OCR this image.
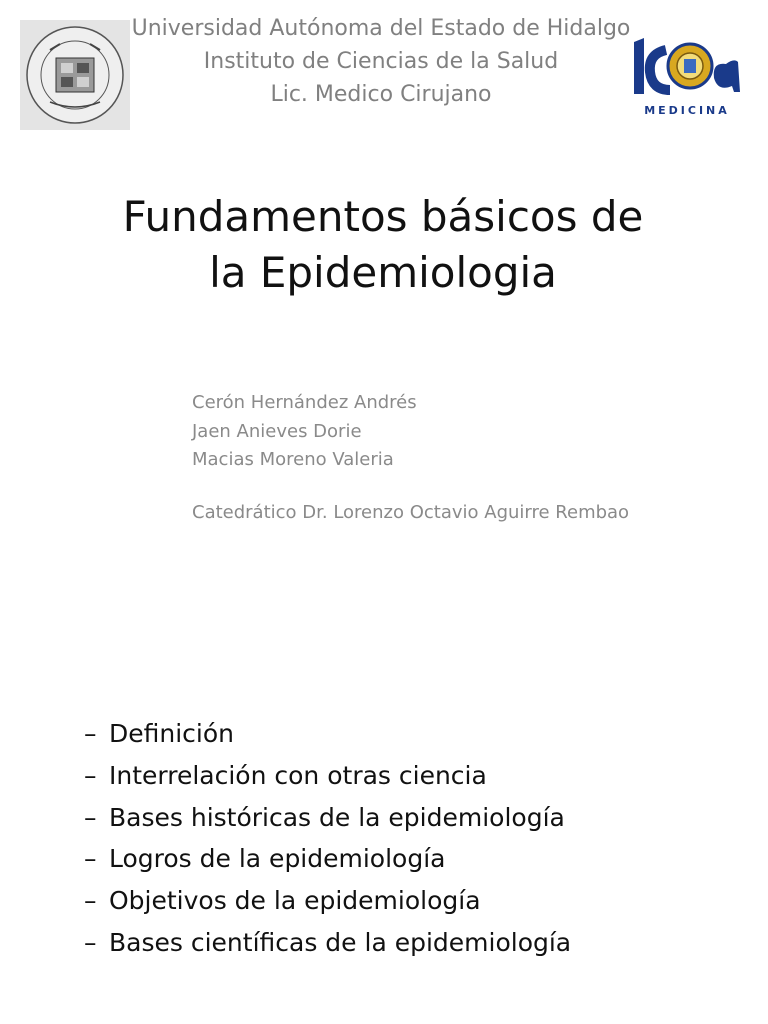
Universidad Autónoma del Estado de Hidalgo
Instituto de Ciencias de la Salud
Lic. Medico Cirujano
MEDICINA
Fundamentos básicos de
la Epidemiologia
Cerón Hernández Andrés
Jaen Anieves Dorie
Macias Moreno Valeria
Catedrático Dr. Lorenzo Octavio Aguirre Rembao
– Definición
– Interrelación con otras ciencia
– Bases históricas de la epidemiología
– Logros de la epidemiología
– Objetivos de la epidemiología
– Bases científicas de la epidemiología
